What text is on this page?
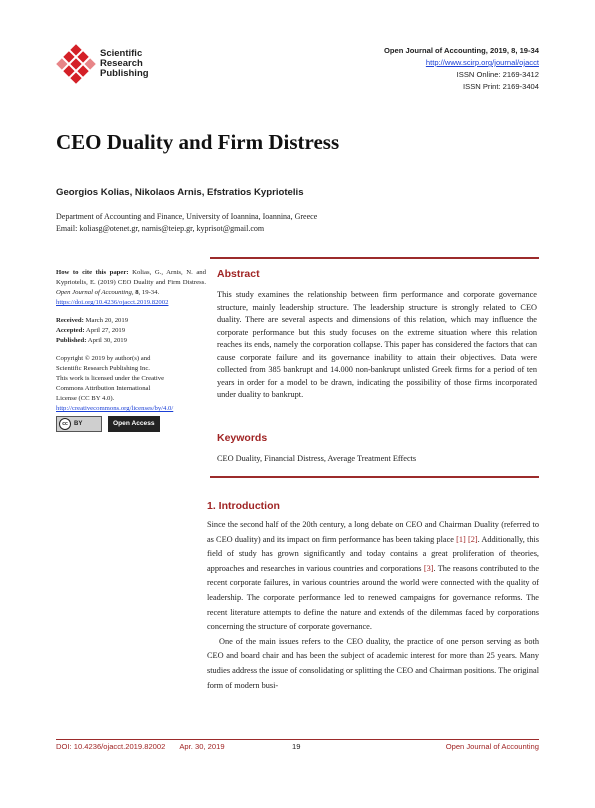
Scientific
Research
Publishing
Open Journal of Accounting, 2019, 8, 19-34
http://www.scirp.org/journal/ojacct
ISSN Online: 2169-3412
ISSN Print: 2169-3404
CEO Duality and Firm Distress
Georgios Kolias, Nikolaos Arnis, Efstratios Kypriotelis
Department of Accounting and Finance, University of Ioannina, Ioannina, Greece
Email: koliasg@otenet.gr, narnis@teiep.gr, kyprisot@gmail.com

How to cite this paper: Kolias, G., Arnis, N. and Kypriotelis, E. (2019) CEO Duality and Firm Distress. Open Journal of Accounting, 8, 19-34.

https://doi.org/10.4236/ojacct.2019.82002

Received: March 20, 2019

Accepted: April 27, 2019

Published: April 30, 2019

Copyright © 2019 by author(s) and

Scientific Research Publishing Inc.

This work is licensed under the Creative

Commons Attribution International

License (CC BY 4.0).

http://creativecommons.org/licenses/by/4.0/

cc	BY	Open Access
Abstract
This study examines the relationship between firm performance and corporate governance structure, mainly leadership structure. The leadership structure is strongly related to CEO duality. There are several aspects and dimensions of this relation, which may influence the corporate performance but this study focuses on the extreme situation where this relation reaches its ends, namely the corporation collapse. This paper has considered the factors that can cause corporate failure and its governance inability to attain their objectives. Data were collected from 385 bankrupt and 14.000 non-bankrupt unlisted Greek firms for a period of ten years in order for a model to be drawn, indicating the possibility of those firms incorporated under duality to bankrupt.
Keywords
CEO Duality, Financial Distress, Average Treatment Effects
1. Introduction

Since the second half of the 20th century, a long debate on CEO and Chairman Duality (referred to as CEO duality) and its impact on firm performance has been taking place [1] [2]. Additionally, this field of study has grown significantly and today contains a great proliferation of theories, approaches and researches in various countries and corporations [3]. The reasons contributed to the recent corporate failures, in various countries around the world were connected with the quality of leadership. The corporate performance led to renewed campaigns for governance reforms. The recent literature attempts to define the nature and extends of the dilemmas faced by corporations concerning the structure of corporate governance.

One of the main issues refers to the CEO duality, the practice of one person serving as both CEO and board chair and has been the subject of academic interest for more than 25 years. Many studies address the issue of consolidating or splitting the CEO and Chairman positions. The original form of modern busi-

DOI: 10.4236/ojacct.2019.82002 Apr. 30, 2019	19	Open Journal of Accounting
